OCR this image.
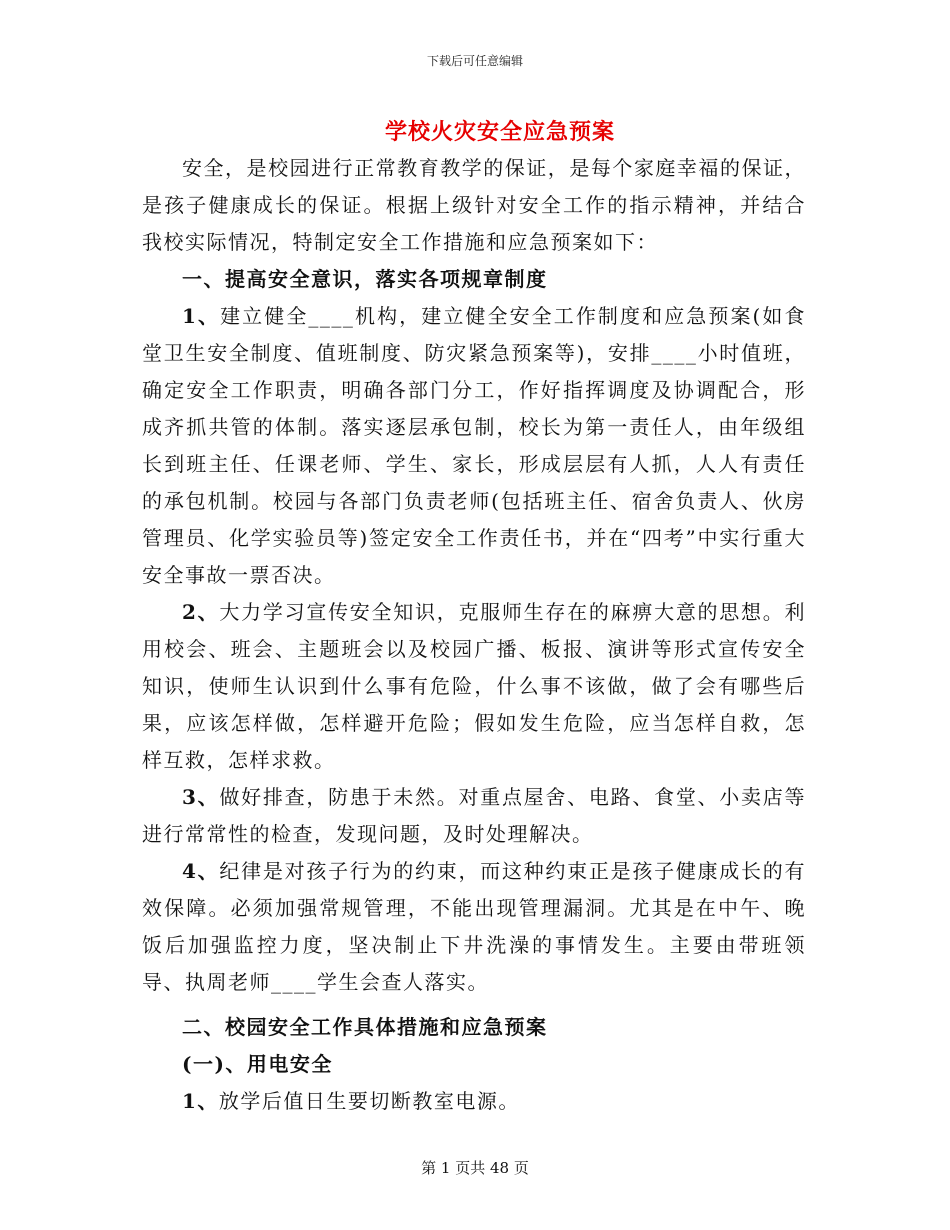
下载后可任意编辑
学校火灾安全应急预案

安全，是校园进行正常教育教学的保证，是每个家庭幸福的保证，是孩子健康成长的保证。根据上级针对安全工作的指示精神，并结合我校实际情况，特制定安全工作措施和应急预案如下：

一、提高安全意识，落实各项规章制度

1、建立健全____机构，建立健全安全工作制度和应急预案(如食堂卫生安全制度、值班制度、防灾紧急预案等)，安排____小时值班，确定安全工作职责，明确各部门分工，作好指挥调度及协调配合，形成齐抓共管的体制。落实逐层承包制，校长为第一责任人，由年级组长到班主任、任课老师、学生、家长，形成层层有人抓，人人有责任的承包机制。校园与各部门负责老师(包括班主任、宿舍负责人、伙房管理员、化学实验员等)签定安全工作责任书，并在“四考”中实行重大安全事故一票否决。

2、大力学习宣传安全知识，克服师生存在的麻痹大意的思想。利用校会、班会、主题班会以及校园广播、板报、演讲等形式宣传安全知识，使师生认识到什么事有危险，什么事不该做，做了会有哪些后果，应该怎样做，怎样避开危险；假如发生危险，应当怎样自救，怎样互救，怎样求救。

3、做好排查，防患于未然。对重点屋舍、电路、食堂、小卖店等进行常常性的检查，发现问题，及时处理解决。

4、纪律是对孩子行为的约束，而这种约束正是孩子健康成长的有效保障。必须加强常规管理，不能出现管理漏洞。尤其是在中午、晚饭后加强监控力度，坚决制止下井洗澡的事情发生。主要由带班领导、执周老师____学生会查人落实。

二、校园安全工作具体措施和应急预案

(一)、用电安全

1、放学后值日生要切断教室电源。

第 1 页共 48 页
